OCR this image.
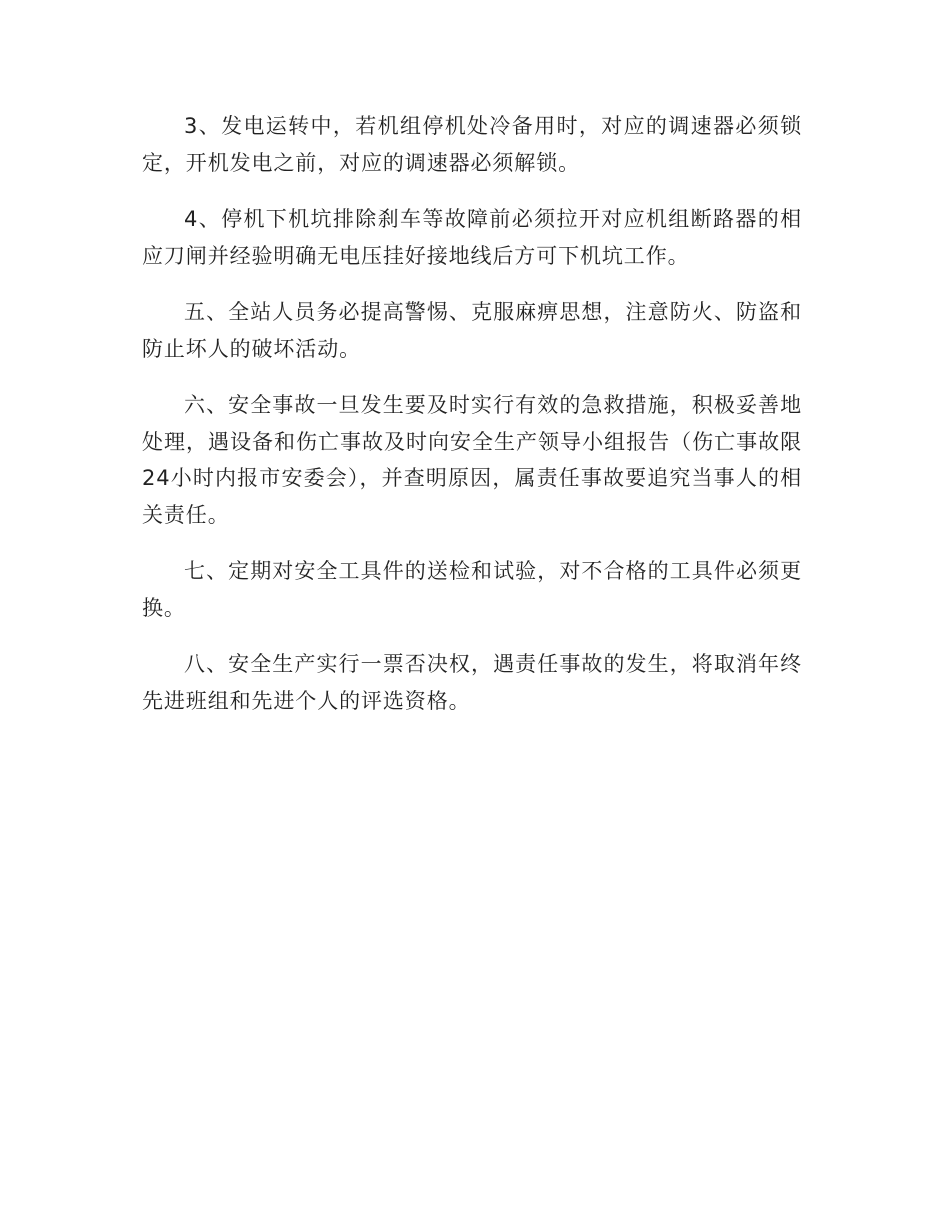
3、发电运转中，若机组停机处冷备用时，对应的调速器必须锁定，开机发电之前，对应的调速器必须解锁。

4、停机下机坑排除刹车等故障前必须拉开对应机组断路器的相应刀闸并经验明确无电压挂好接地线后方可下机坑工作。

五、全站人员务必提高警惕、克服麻痹思想，注意防火、防盗和防止坏人的破坏活动。

六、安全事故一旦发生要及时实行有效的急救措施，积极妥善地处理，遇设备和伤亡事故及时向安全生产领导小组报告（伤亡事故限24小时内报市安委会），并查明原因，属责任事故要追究当事人的相关责任。

七、定期对安全工具件的送检和试验，对不合格的工具件必须更换。

八、安全生产实行一票否决权，遇责任事故的发生，将取消年终先进班组和先进个人的评选资格。
